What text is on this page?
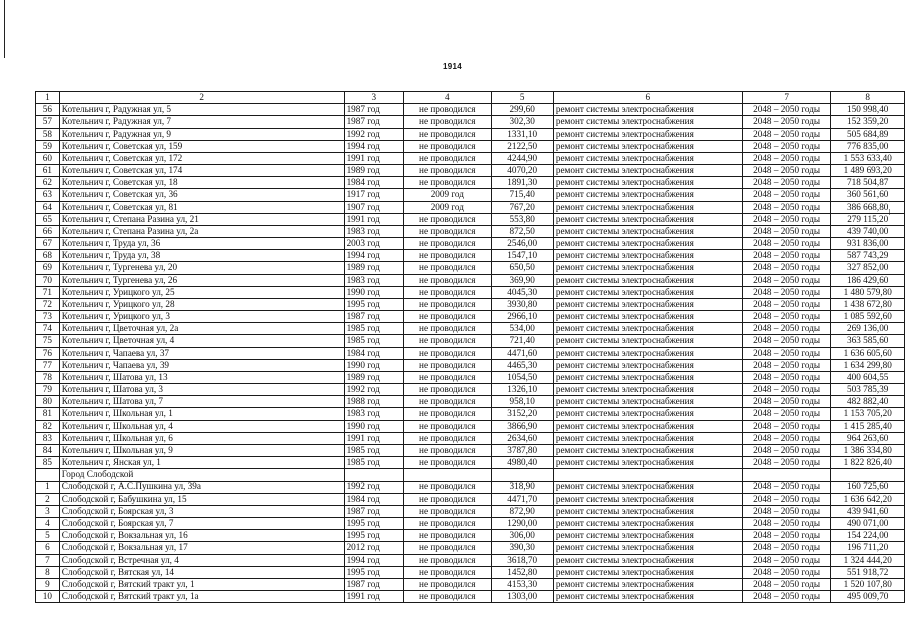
1914
1	2	3	4	5	6	7	8
56	Котельнич г, Радужная ул, 5	1987 год	не проводился	299,60	ремонт системы электроснабжения	2048 – 2050 годы	150 998,40
57	Котельнич г, Радужная ул, 7	1987 год	не проводился	302,30	ремонт системы электроснабжения	2048 – 2050 годы	152 359,20
58	Котельнич г, Радужная ул, 9	1992 год	не проводился	1331,10	ремонт системы электроснабжения	2048 – 2050 годы	505 684,89
59	Котельнич г, Советская ул, 159	1994 год	не проводился	2122,50	ремонт системы электроснабжения	2048 – 2050 годы	776 835,00
60	Котельнич г, Советская ул, 172	1991 год	не проводился	4244,90	ремонт системы электроснабжения	2048 – 2050 годы	1 553 633,40
61	Котельнич г, Советская ул, 174	1989 год	не проводился	4070,20	ремонт системы электроснабжения	2048 – 2050 годы	1 489 693,20
62	Котельнич г, Советская ул, 18	1984 год	не проводился	1891,30	ремонт системы электроснабжения	2048 – 2050 годы	718 504,87
63	Котельнич г, Советская ул, 36	1917 год	2009 год	715,40	ремонт системы электроснабжения	2048 – 2050 годы	360 561,60
64	Котельнич г, Советская ул, 81	1907 год	2009 год	767,20	ремонт системы электроснабжения	2048 – 2050 годы	386 668,80
65	Котельнич г, Степана Разина ул, 21	1991 год	не проводился	553,80	ремонт системы электроснабжения	2048 – 2050 годы	279 115,20
66	Котельнич г, Степана Разина ул, 2а	1983 год	не проводился	872,50	ремонт системы электроснабжения	2048 – 2050 годы	439 740,00
67	Котельнич г, Труда ул, 36	2003 год	не проводился	2546,00	ремонт системы электроснабжения	2048 – 2050 годы	931 836,00
68	Котельнич г, Труда ул, 38	1994 год	не проводился	1547,10	ремонт системы электроснабжения	2048 – 2050 годы	587 743,29
69	Котельнич г, Тургенева ул, 20	1989 год	не проводился	650,50	ремонт системы электроснабжения	2048 – 2050 годы	327 852,00
70	Котельнич г, Тургенева ул, 26	1983 год	не проводился	369,90	ремонт системы электроснабжения	2048 – 2050 годы	186 429,60
71	Котельнич г, Урицкого ул, 25	1990 год	не проводился	4045,30	ремонт системы электроснабжения	2048 – 2050 годы	1 480 579,80
72	Котельнич г, Урицкого ул, 28	1995 год	не проводился	3930,80	ремонт системы электроснабжения	2048 – 2050 годы	1 438 672,80
73	Котельнич г, Урицкого ул, 3	1987 год	не проводился	2966,10	ремонт системы электроснабжения	2048 – 2050 годы	1 085 592,60
74	Котельнич г, Цветочная ул, 2а	1985 год	не проводился	534,00	ремонт системы электроснабжения	2048 – 2050 годы	269 136,00
75	Котельнич г, Цветочная ул, 4	1985 год	не проводился	721,40	ремонт системы электроснабжения	2048 – 2050 годы	363 585,60
76	Котельнич г, Чапаева ул, 37	1984 год	не проводился	4471,60	ремонт системы электроснабжения	2048 – 2050 годы	1 636 605,60
77	Котельнич г, Чапаева ул, 39	1990 год	не проводился	4465,30	ремонт системы электроснабжения	2048 – 2050 годы	1 634 299,80
78	Котельнич г, Шатова ул, 13	1989 год	не проводился	1054,50	ремонт системы электроснабжения	2048 – 2050 годы	400 604,55
79	Котельнич г, Шатова ул, 3	1992 год	не проводился	1326,10	ремонт системы электроснабжения	2048 – 2050 годы	503 785,39
80	Котельнич г, Шатова ул, 7	1988 год	не проводился	958,10	ремонт системы электроснабжения	2048 – 2050 годы	482 882,40
81	Котельнич г, Школьная ул, 1	1983 год	не проводился	3152,20	ремонт системы электроснабжения	2048 – 2050 годы	1 153 705,20
82	Котельнич г, Школьная ул, 4	1990 год	не проводился	3866,90	ремонт системы электроснабжения	2048 – 2050 годы	1 415 285,40
83	Котельнич г, Школьная ул, 6	1991 год	не проводился	2634,60	ремонт системы электроснабжения	2048 – 2050 годы	964 263,60
84	Котельнич г, Школьная ул, 9	1985 год	не проводился	3787,80	ремонт системы электроснабжения	2048 – 2050 годы	1 386 334,80
85	Котельнич г, Янская ул, 1	1985 год	не проводился	4980,40	ремонт системы электроснабжения	2048 – 2050 годы	1 822 826,40
	Город Слободской						
1	Слободской г, А.С.Пушкина ул, 39а	1992 год	не проводился	318,90	ремонт системы электроснабжения	2048 – 2050 годы	160 725,60
2	Слободской г, Бабушкина ул, 15	1984 год	не проводился	4471,70	ремонт системы электроснабжения	2048 – 2050 годы	1 636 642,20
3	Слободской г, Боярская ул, 3	1987 год	не проводился	872,90	ремонт системы электроснабжения	2048 – 2050 годы	439 941,60
4	Слободской г, Боярская ул, 7	1995 год	не проводился	1290,00	ремонт системы электроснабжения	2048 – 2050 годы	490 071,00
5	Слободской г, Вокзальная ул, 16	1995 год	не проводился	306,00	ремонт системы электроснабжения	2048 – 2050 годы	154 224,00
6	Слободской г, Вокзальная ул, 17	2012 год	не проводился	390,30	ремонт системы электроснабжения	2048 – 2050 годы	196 711,20
7	Слободской г, Встречная ул, 4	1994 год	не проводился	3618,70	ремонт системы электроснабжения	2048 – 2050 годы	1 324 444,20
8	Слободской г, Вятская ул, 14	1995 год	не проводился	1452,80	ремонт системы электроснабжения	2048 – 2050 годы	551 918,72
9	Слободской г, Вятский тракт ул, 1	1987 год	не проводился	4153,30	ремонт системы электроснабжения	2048 – 2050 годы	1 520 107,80
10	Слободской г, Вятский тракт ул, 1а	1991 год	не проводился	1303,00	ремонт системы электроснабжения	2048 – 2050 годы	495 009,70
